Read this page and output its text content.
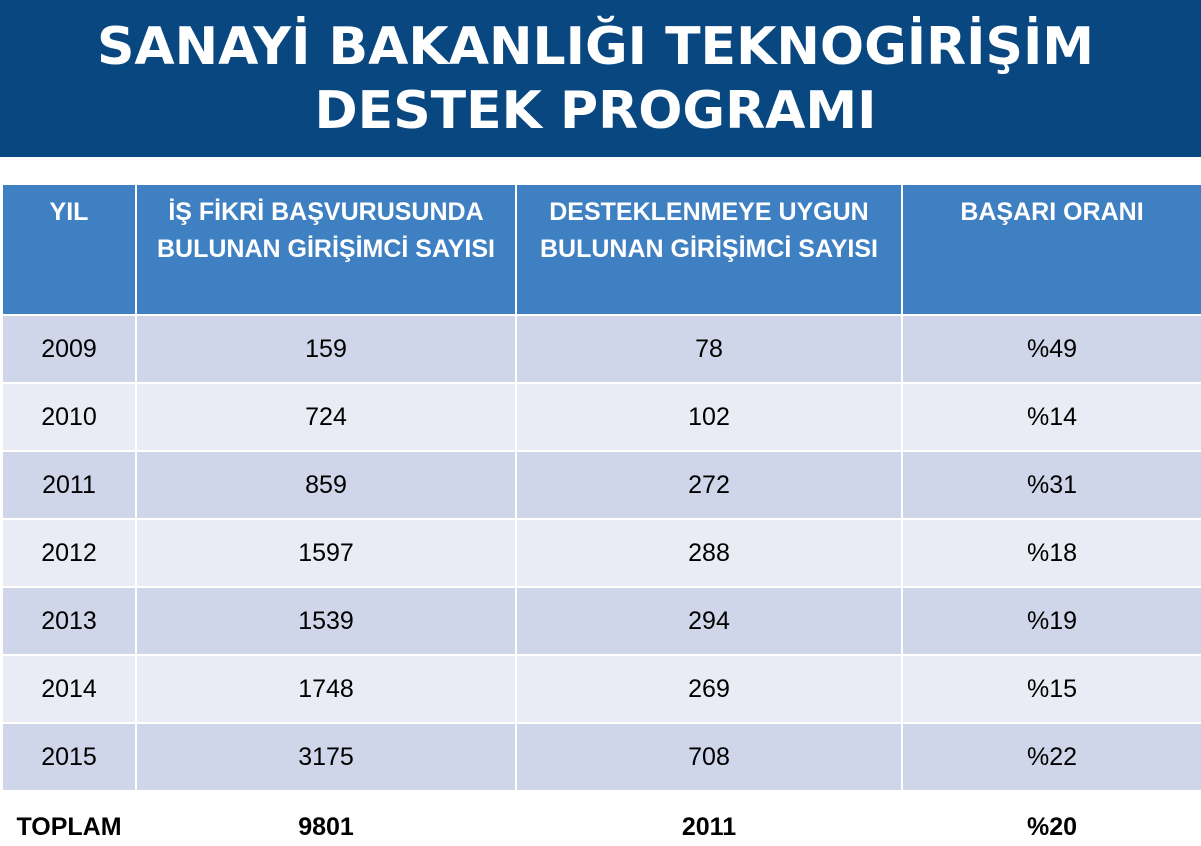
SANAYİ BAKANLIĞI TEKNOGİRİŞİM
DESTEK PROGRAMI
YIL	İŞ FİKRİ BAŞVURUSUNDA BULUNAN GİRİŞİMCİ SAYISI	DESTEKLENMEYE UYGUN BULUNAN GİRİŞİMCİ SAYISI	BAŞARI ORANI
2009	159	78	%49
2010	724	102	%14
2011	859	272	%31
2012	1597	288	%18
2013	1539	294	%19
2014	1748	269	%15
2015	3175	708	%22
TOPLAM	9801	2011	%20
